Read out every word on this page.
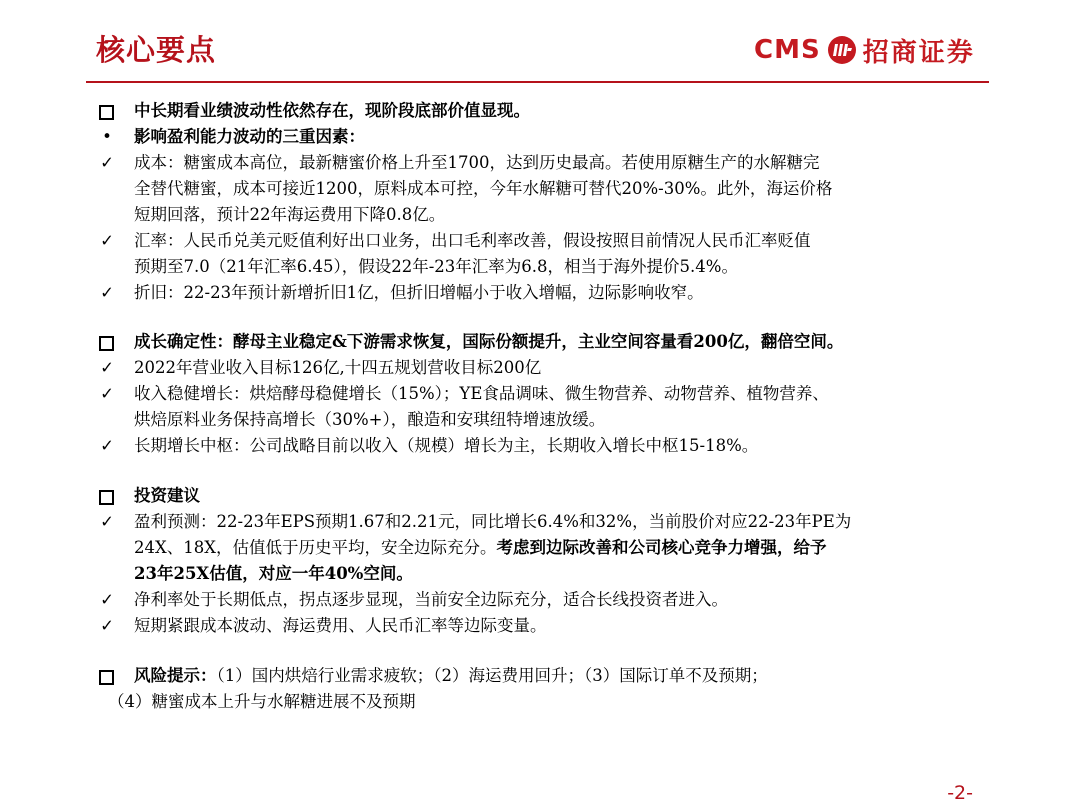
核心要点	CMS 招商证券
中长期看业绩波动性依然存在，现阶段底部价值显现。
•	影响盈利能力波动的三重因素：
✓ 成本：糖蜜成本高位，最新糖蜜价格上升至1700，达到历史最高。若使用原糖生产的水解糖完
全替代糖蜜，成本可接近1200，原料成本可控，今年水解糖可替代20%-30%。此外，海运价格
短期回落，预计22年海运费用下降0.8亿。
✓ 汇率：人民币兑美元贬值利好出口业务，出口毛利率改善，假设按照目前情况人民币汇率贬值
预期至7.0（21年汇率6.45），假设22年-23年汇率为6.8，相当于海外提价5.4%。
✓ 折旧：22-23年预计新增折旧1亿，但折旧增幅小于收入增幅，边际影响收窄。
成长确定性：酵母主业稳定&下游需求恢复，国际份额提升，主业空间容量看200亿，翻倍空间。
✓ 2022年营业收入目标126亿,十四五规划营收目标200亿
✓ 收入稳健增长：烘焙酵母稳健增长（15%）；YE食品调味、微生物营养、动物营养、植物营养、
烘焙原料业务保持高增长（30%+），酿造和安琪纽特增速放缓。
✓ 长期增长中枢：公司战略目前以收入（规模）增长为主，长期收入增长中枢15-18%。
投资建议
✓ 盈利预测：22-23年EPS预期1.67和2.21元，同比增长6.4%和32%，当前股价对应22-23年PE为
24X、18X，估值低于历史平均，安全边际充分。考虑到边际改善和公司核心竞争力增强，给予
23年25X估值，对应一年40%空间。
✓ 净利率处于长期低点，拐点逐步显现，当前安全边际充分，适合长线投资者进入。
✓ 短期紧跟成本波动、海运费用、人民币汇率等边际变量。
风险提示：（1）国内烘焙行业需求疲软；（2）海运费用回升；（3）国际订单不及预期；
（4）糖蜜成本上升与水解糖进展不及预期
-2-
